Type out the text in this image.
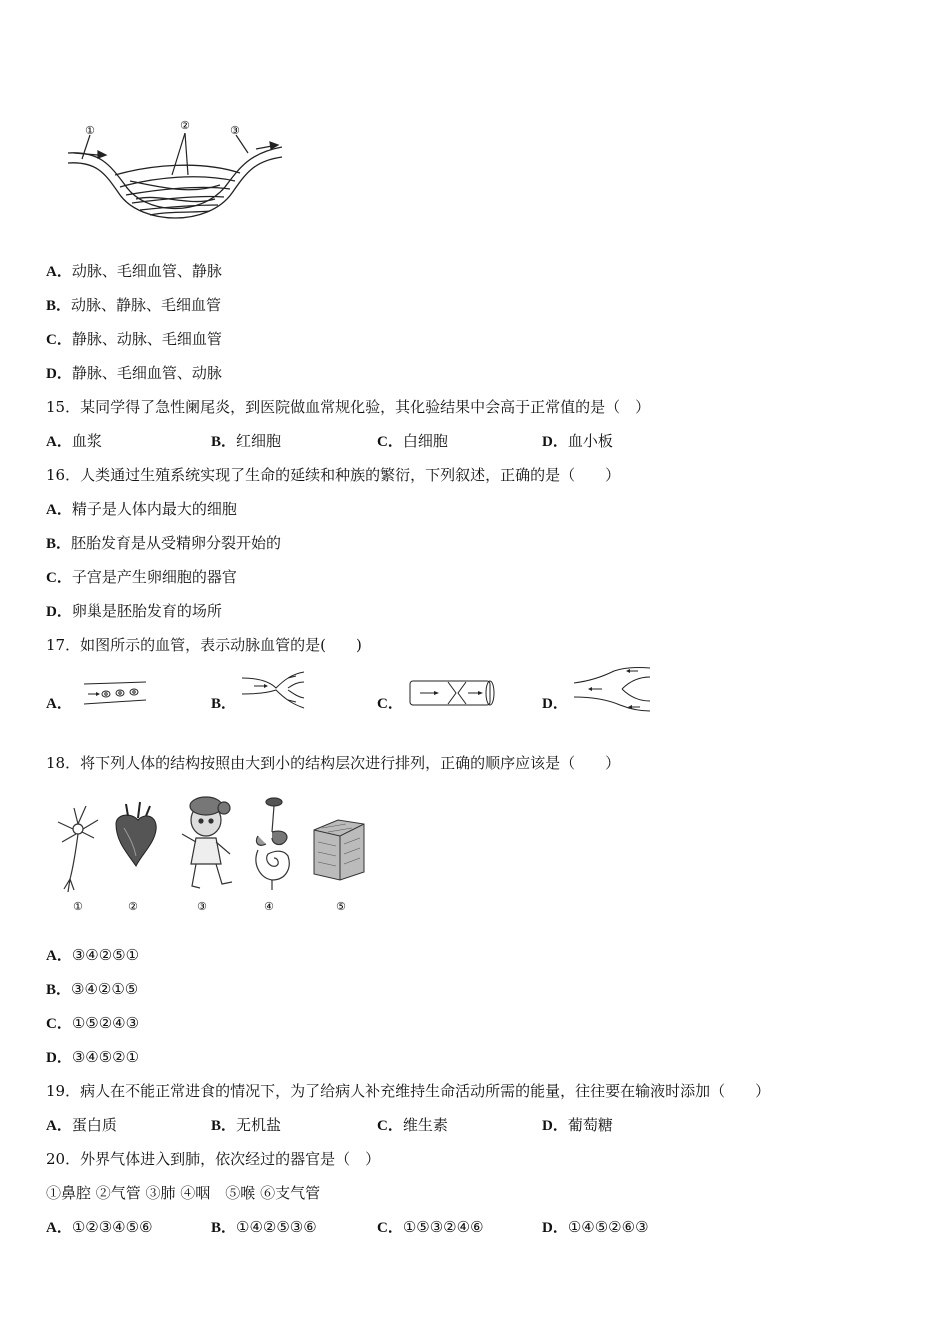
①	②	③
A．动脉、毛细血管、静脉
B．动脉、静脉、毛细血管
C．静脉、动脉、毛细血管
D．静脉、毛细血管、动脉
15．某同学得了急性阑尾炎，到医院做血常规化验，其化验结果中会高于正常值的是（　）
A．血浆	B．红细胞	C．白细胞	D．血小板
16．人类通过生殖系统实现了生命的延续和种族的繁衍，下列叙述，正确的是（　　）
A．精子是人体内最大的细胞
B．胚胎发育是从受精卵分裂开始的
C．子宫是产生卵细胞的器官
D．卵巢是胚胎发育的场所
17．如图所示的血管，表示动脉血管的是(　　)
A．	B．	C．	D．
18．将下列人体的结构按照由大到小的结构层次进行排列，正确的顺序应该是（　　）
①	②	③	④	⑤
A．③④②⑤①
B．③④②①⑤
C．①⑤②④③
D．③④⑤②①
19．病人在不能正常进食的情况下，为了给病人补充维持生命活动所需的能量，往往要在输液时添加（　　）
A．蛋白质	B．无机盐	C．维生素	D．葡萄糖
20．外界气体进入到肺，依次经过的器官是（　）
①鼻腔 ②气管 ③肺 ④咽　⑤喉 ⑥支气管
A．①②③④⑤⑥	B．①④②⑤③⑥	C．①⑤③②④⑥	D．①④⑤②⑥③
